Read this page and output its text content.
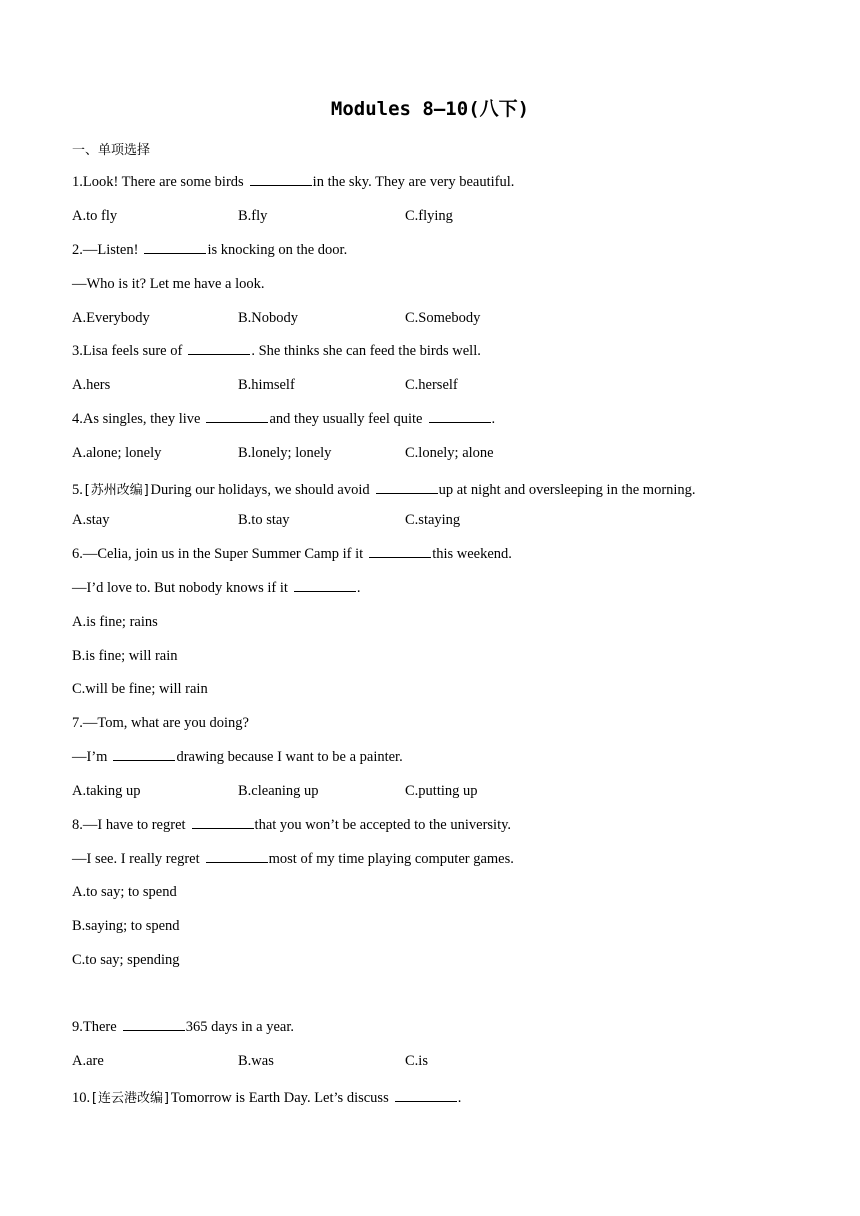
Modules 8—10(八下)
一、单项选择
1.Look! There are some birds	in the sky. They are very beautiful.
A.to fly	B.fly	C.flying
2.—Listen!	is knocking on the door.
—Who is it? Let me have a look.
A.Everybody	B.Nobody	C.Somebody
3.Lisa feels sure of	. She thinks she can feed the birds well.
A.hers	B.himself	C.herself
4.As singles, they live	and they usually feel quite	.
A.alone; lonely	B.lonely; lonely	C.lonely; alone
5.[苏州改编]During our holidays, we should avoid	up at night and oversleeping in the morning.
A.stay	B.to stay	C.staying
6.—Celia, join us in the Super Summer Camp if it	this weekend.
—I’d love to. But nobody knows if it	.
A.is fine; rains
B.is fine; will rain
C.will be fine; will rain
7.—Tom, what are you doing?
—I’m	drawing because I want to be a painter.
A.taking up	B.cleaning up	C.putting up
8.—I have to regret	that you won’t be accepted to the university.
—I see. I really regret	most of my time playing computer games.
A.to say; to spend
B.saying; to spend
C.to say; spending
9.There	365 days in a year.
A.are	B.was	C.is
10.[连云港改编]Tomorrow is Earth Day. Let’s discuss	.
